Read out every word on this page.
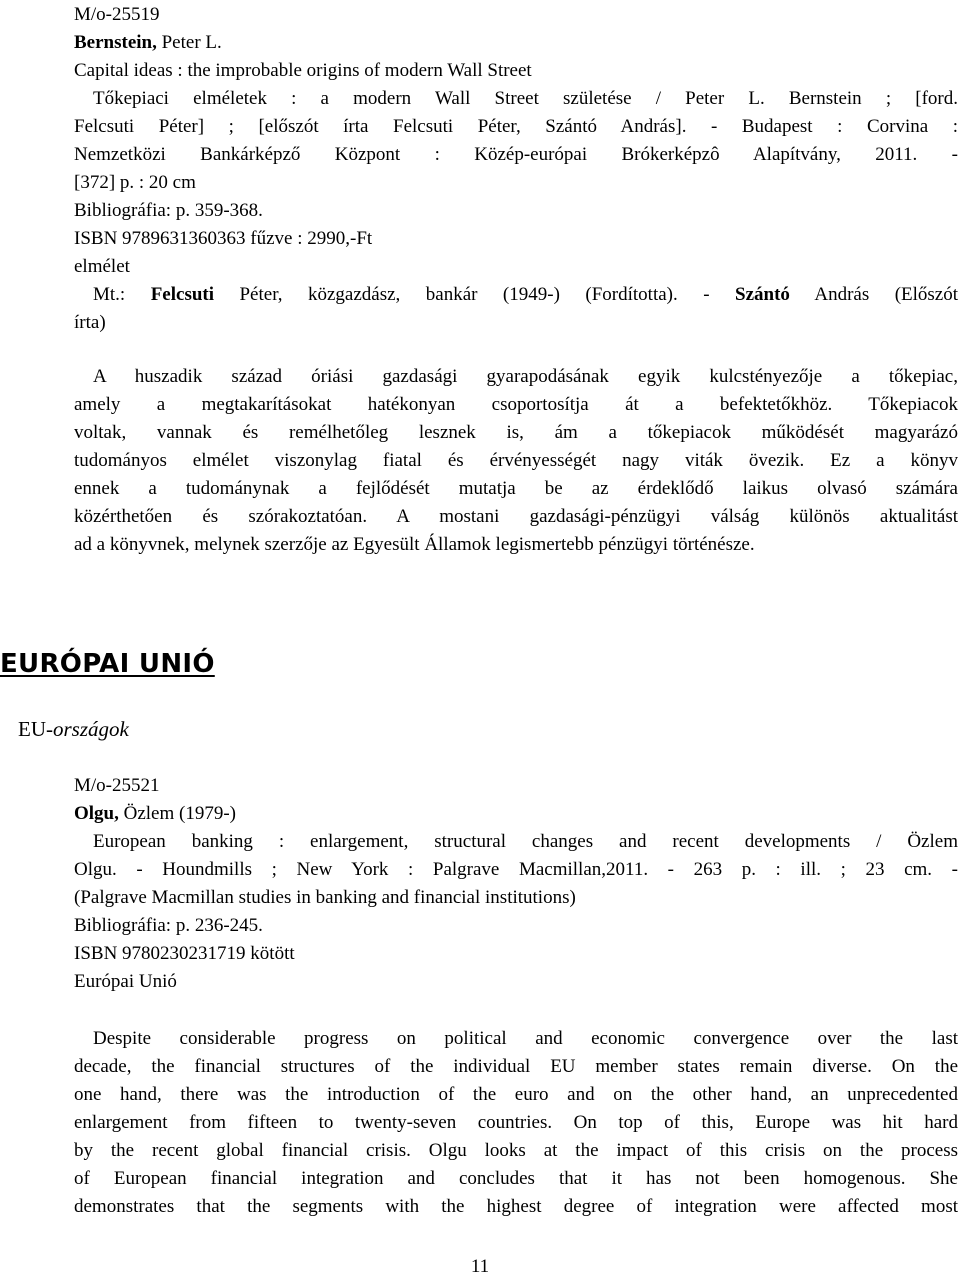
M/o-25519
Bernstein, Peter L.
Capital ideas : the improbable origins of modern Wall Street
Tőkepiaci elméletek : a modern Wall Street születése / Peter L. Bernstein ; [ford.
Felcsuti Péter] ; [előszót írta Felcsuti Péter, Szántó András]. - Budapest : Corvina :
Nemzetközi Bankárképző Központ : Közép-európai Brókerképzô Alapítvány, 2011. -
[372] p. : 20 cm
Bibliográfia: p. 359-368.
ISBN 9789631360363 fűzve : 2990,-Ft
elmélet
Mt.: Felcsuti Péter, közgazdász, bankár (1949-) (Fordította). - Szántó András (Előszót
írta)
A huszadik század óriási gazdasági gyarapodásának egyik kulcstényezője a tőkepiac,
amely a megtakarításokat hatékonyan csoportosítja át a befektetőkhöz. Tőkepiacok
voltak, vannak és remélhetőleg lesznek is, ám a tőkepiacok működését magyarázó
tudományos elmélet viszonylag fiatal és érvényességét nagy viták övezik. Ez a könyv
ennek a tudománynak a fejlődését mutatja be az érdeklődő laikus olvasó számára
közérthetően és szórakoztatóan. A mostani gazdasági-pénzügyi válság különös aktualitást
ad a könyvnek, melynek szerzője az Egyesült Államok legismertebb pénzügyi történésze.
EURÓPAI UNIÓ
EU-országok
M/o-25521
Olgu, Özlem (1979-)
European banking : enlargement, structural changes and recent developments / Özlem
Olgu. - Houndmills ; New York : Palgrave Macmillan,2011. - 263 p. : ill. ; 23 cm. -
(Palgrave Macmillan studies in banking and financial institutions)
Bibliográfia: p. 236-245.
ISBN 9780230231719 kötött
Európai Unió
Despite considerable progress on political and economic convergence over the last
decade, the financial structures of the individual EU member states remain diverse. On the
one hand, there was the introduction of the euro and on the other hand, an unprecedented
enlargement from fifteen to twenty-seven countries. On top of this, Europe was hit hard
by the recent global financial crisis. Olgu looks at the impact of this crisis on the process
of European financial integration and concludes that it has not been homogenous. She
demonstrates that the segments with the highest degree of integration were affected most
11
